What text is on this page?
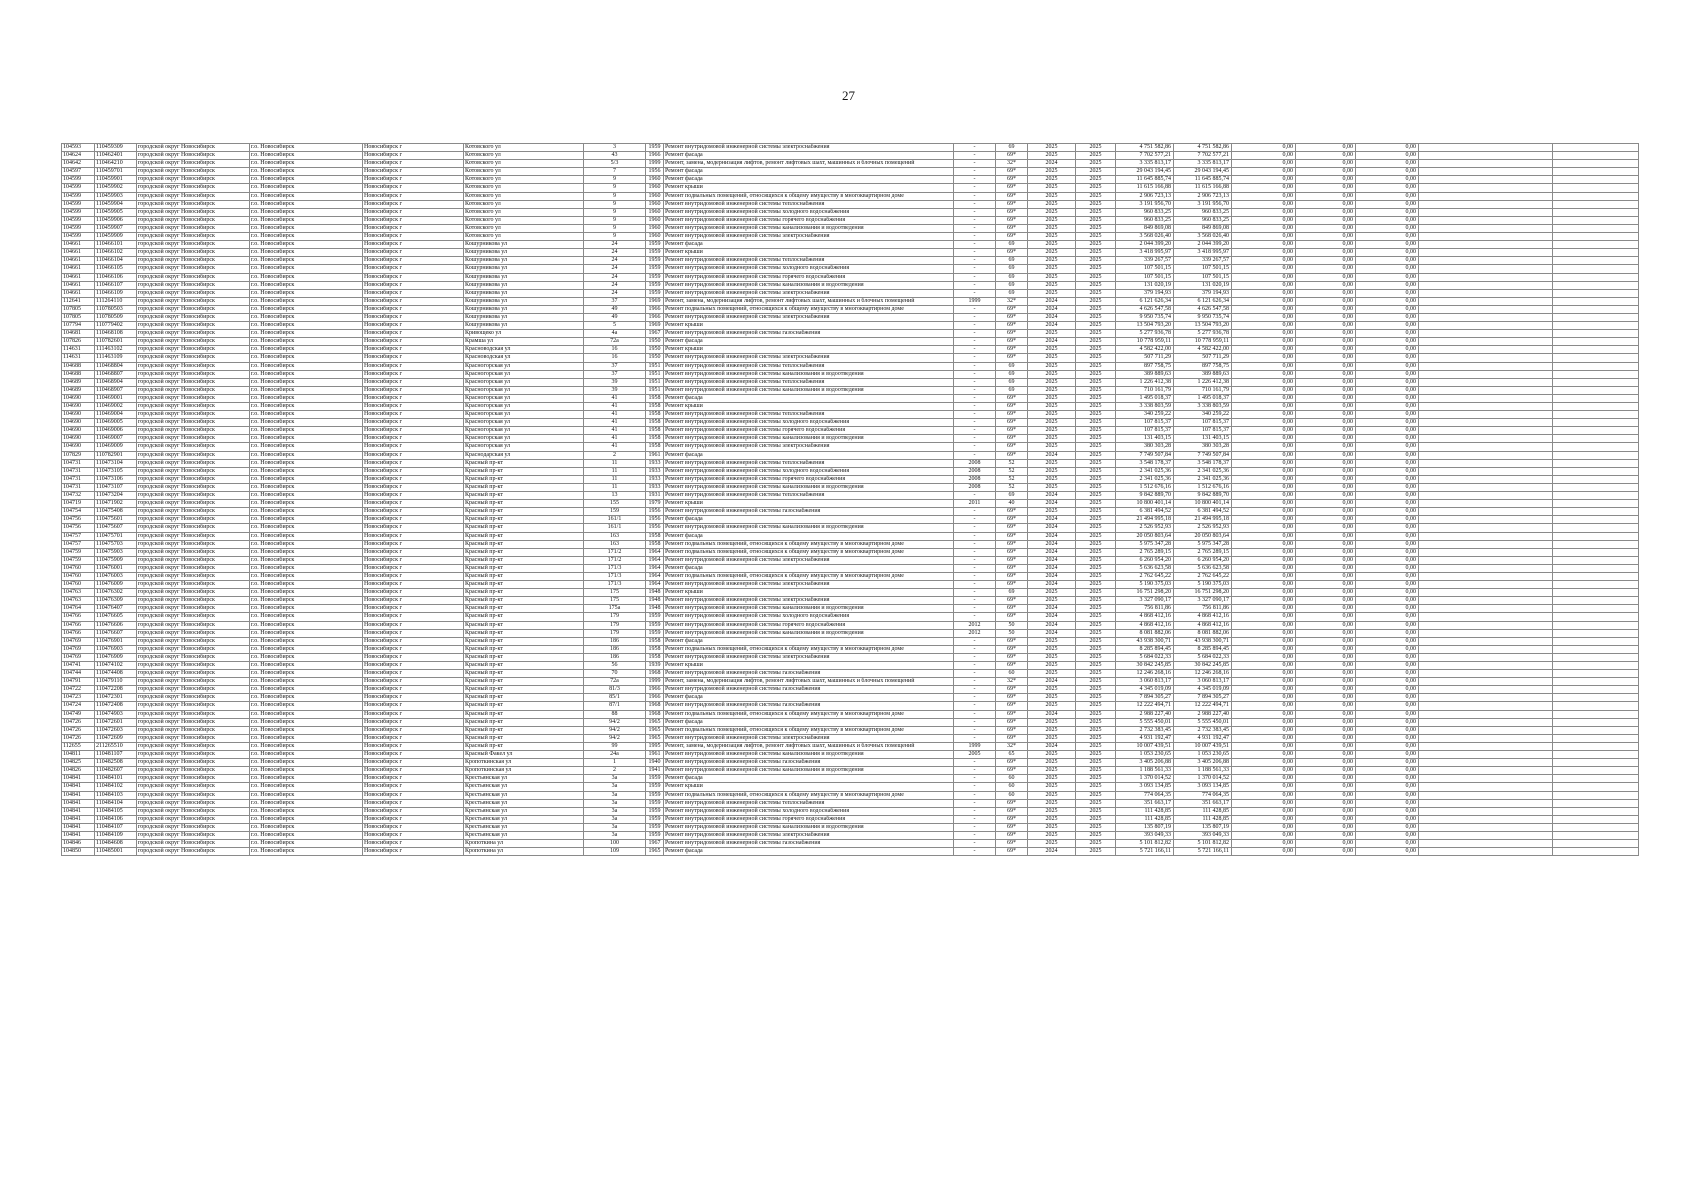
27
104593	110459309	городской округ Новосибирск	г.о. Новосибирск	Новосибирск г	Котовского ул	3	1959	Ремонт внутридомовой инженерной системы электроснабжения	-	69	2025	2025	4 751 582,86	4 751 582,86	0,00	0,00	0,00		
104624	110462401	городской округ Новосибирск	г.о. Новосибирск	Новосибирск г	Котовского ул	43	1966	Ремонт фасада	-	69*	2025	2025	7 702 577,21	7 702 577,21	0,00	0,00	0,00		
104642	110464210	городской округ Новосибирск	г.о. Новосибирск	Новосибирск г	Котовского ул	5/3	1999	Ремонт, замена, модернизация лифтов, ремонт лифтовых шахт, машинных и блочных помещений	-	32*	2024	2025	3 335 813,17	3 335 813,17	0,00	0,00	0,00		
104597	110459701	городской округ Новосибирск	г.о. Новосибирск	Новосибирск г	Котовского ул	7	1956	Ремонт фасада	-	69*	2025	2025	29 043 194,45	29 043 194,45	0,00	0,00	0,00		
104599	110459901	городской округ Новосибирск	г.о. Новосибирск	Новосибирск г	Котовского ул	9	1960	Ремонт фасада	-	69*	2025	2025	11 645 885,74	11 645 885,74	0,00	0,00	0,00		
104599	110459902	городской округ Новосибирск	г.о. Новосибирск	Новосибирск г	Котовского ул	9	1960	Ремонт крыши	-	69*	2025	2025	11 615 166,88	11 615 166,88	0,00	0,00	0,00		
104599	110459903	городской округ Новосибирск	г.о. Новосибирск	Новосибирск г	Котовского ул	9	1960	Ремонт подвальных помещений, относящихся к общему имуществу в многоквартирном доме	-	69*	2025	2025	2 906 723,13	2 906 723,13	0,00	0,00	0,00		
104599	110459904	городской округ Новосибирск	г.о. Новосибирск	Новосибирск г	Котовского ул	9	1960	Ремонт внутридомовой инженерной системы теплоснабжения	-	69*	2025	2025	3 191 956,70	3 191 956,70	0,00	0,00	0,00		
104599	110459905	городской округ Новосибирск	г.о. Новосибирск	Новосибирск г	Котовского ул	9	1960	Ремонт внутридомовой инженерной системы холодного водоснабжения	-	69*	2025	2025	960 833,25	960 833,25	0,00	0,00	0,00		
104599	110459906	городской округ Новосибирск	г.о. Новосибирск	Новосибирск г	Котовского ул	9	1960	Ремонт внутридомовой инженерной системы горячего водоснабжения	-	69*	2025	2025	960 833,25	960 833,25	0,00	0,00	0,00		
104599	110459907	городской округ Новосибирск	г.о. Новосибирск	Новосибирск г	Котовского ул	9	1960	Ремонт внутридомовой инженерной системы канализования и водоотведения	-	69*	2025	2025	849 869,08	849 869,08	0,00	0,00	0,00		
104599	110459909	городской округ Новосибирск	г.о. Новосибирск	Новосибирск г	Котовского ул	9	1960	Ремонт внутридомовой инженерной системы электроснабжения	-	69*	2025	2025	3 568 026,40	3 568 026,40	0,00	0,00	0,00		
104661	110466101	городской округ Новосибирск	г.о. Новосибирск	Новосибирск г	Кошурникова ул	24	1959	Ремонт фасада	-	69	2025	2025	2 044 399,20	2 044 399,20	0,00	0,00	0,00		
104661	110466102	городской округ Новосибирск	г.о. Новосибирск	Новосибирск г	Кошурникова ул	24	1959	Ремонт крыши	-	69*	2025	2025	3 418 995,97	3 418 995,97	0,00	0,00	0,00		
104661	110466104	городской округ Новосибирск	г.о. Новосибирск	Новосибирск г	Кошурникова ул	24	1959	Ремонт внутридомовой инженерной системы теплоснабжения	-	69	2025	2025	339 267,57	339 267,57	0,00	0,00	0,00		
104661	110466105	городской округ Новосибирск	г.о. Новосибирск	Новосибирск г	Кошурникова ул	24	1959	Ремонт внутридомовой инженерной системы холодного водоснабжения	-	69	2025	2025	107 501,15	107 501,15	0,00	0,00	0,00		
104661	110466106	городской округ Новосибирск	г.о. Новосибирск	Новосибирск г	Кошурникова ул	24	1959	Ремонт внутридомовой инженерной системы горячего водоснабжения	-	69	2025	2025	107 501,15	107 501,15	0,00	0,00	0,00		
104661	110466107	городской округ Новосибирск	г.о. Новосибирск	Новосибирск г	Кошурникова ул	24	1959	Ремонт внутридомовой инженерной системы канализования и водоотведения	-	69	2025	2025	131 020,19	131 020,19	0,00	0,00	0,00		
104661	110466109	городской округ Новосибирск	г.о. Новосибирск	Новосибирск г	Кошурникова ул	24	1959	Ремонт внутридомовой инженерной системы электроснабжения	-	69	2025	2025	379 194,93	379 194,93	0,00	0,00	0,00		
112641	111264110	городской округ Новосибирск	г.о. Новосибирск	Новосибирск г	Кошурникова ул	37	1969	Ремонт, замена, модернизация лифтов, ремонт лифтовых шахт, машинных и блочных помещений	1999	32*	2024	2025	6 121 626,34	6 121 626,34	0,00	0,00	0,00		
107805	110780503	городской округ Новосибирск	г.о. Новосибирск	Новосибирск г	Кошурникова ул	49	1966	Ремонт подвальных помещений, относящихся к общему имуществу в многоквартирном доме	-	69*	2024	2025	4 626 547,58	4 626 547,58	0,00	0,00	0,00		
107805	110780509	городской округ Новосибирск	г.о. Новосибирск	Новосибирск г	Кошурникова ул	49	1966	Ремонт внутридомовой инженерной системы электроснабжения	-	69*	2024	2025	9 950 735,74	9 950 735,74	0,00	0,00	0,00		
107794	110779402	городской округ Новосибирск	г.о. Новосибирск	Новосибирск г	Кошурникова ул	5	1969	Ремонт крыши	-	69*	2024	2025	13 504 793,20	13 504 793,20	0,00	0,00	0,00		
104681	110468108	городской округ Новосибирск	г.о. Новосибирск	Новосибирск г	Кривощеко ул	4а	1967	Ремонт внутридомовой инженерной системы газоснабжения	-	69*	2025	2025	5 277 936,78	5 277 936,78	0,00	0,00	0,00		
107826	110782601	городской округ Новосибирск	г.о. Новосибирск	Новосибирск г	Крамша ул	72а	1950	Ремонт фасада	-	69*	2024	2025	10 778 959,11	10 778 959,11	0,00	0,00	0,00		
114631	111463102	городской округ Новосибирск	г.о. Новосибирск	Новосибирск г	Красноводская ул	16	1950	Ремонт крыши	-	69*	2025	2025	4 582 422,00	4 582 422,00	0,00	0,00	0,00		
114631	111463109	городской округ Новосибирск	г.о. Новосибирск	Новосибирск г	Красноводская ул	16	1950	Ремонт внутридомовой инженерной системы электроснабжения	-	69*	2025	2025	507 711,29	507 711,29	0,00	0,00	0,00		
104688	110468804	городской округ Новосибирск	г.о. Новосибирск	Новосибирск г	Красногорская ул	37	1951	Ремонт внутридомовой инженерной системы теплоснабжения	-	69	2025	2025	897 758,75	897 758,75	0,00	0,00	0,00		
104688	110468807	городской округ Новосибирск	г.о. Новосибирск	Новосибирск г	Красногорская ул	37	1951	Ремонт внутридомовой инженерной системы канализования и водоотведения	-	69	2025	2025	389 889,63	389 889,63	0,00	0,00	0,00		
104689	110468904	городской округ Новосибирск	г.о. Новосибирск	Новосибирск г	Красногорская ул	39	1951	Ремонт внутридомовой инженерной системы теплоснабжения	-	69	2025	2025	1 226 412,38	1 226 412,38	0,00	0,00	0,00		
104689	110468907	городской округ Новосибирск	г.о. Новосибирск	Новосибирск г	Красногорская ул	39	1951	Ремонт внутридомовой инженерной системы канализования и водоотведения	-	69	2025	2025	710 161,79	710 161,79	0,00	0,00	0,00		
104690	110469001	городской округ Новосибирск	г.о. Новосибирск	Новосибирск г	Красногорская ул	41	1958	Ремонт фасада	-	69*	2025	2025	1 495 018,37	1 495 018,37	0,00	0,00	0,00		
104690	110469002	городской округ Новосибирск	г.о. Новосибирск	Новосибирск г	Красногорская ул	41	1958	Ремонт крыши	-	69*	2025	2025	3 338 803,59	3 338 803,59	0,00	0,00	0,00		
104690	110469004	городской округ Новосибирск	г.о. Новосибирск	Новосибирск г	Красногорская ул	41	1958	Ремонт внутридомовой инженерной системы теплоснабжения	-	69*	2025	2025	340 259,22	340 259,22	0,00	0,00	0,00		
104690	110469005	городской округ Новосибирск	г.о. Новосибирск	Новосибирск г	Красногорская ул	41	1958	Ремонт внутридомовой инженерной системы холодного водоснабжения	-	69*	2025	2025	107 815,37	107 815,37	0,00	0,00	0,00		
104690	110469006	городской округ Новосибирск	г.о. Новосибирск	Новосибирск г	Красногорская ул	41	1958	Ремонт внутридомовой инженерной системы горячего водоснабжения	-	69*	2025	2025	107 815,37	107 815,37	0,00	0,00	0,00		
104690	110469007	городской округ Новосибирск	г.о. Новосибирск	Новосибирск г	Красногорская ул	41	1958	Ремонт внутридомовой инженерной системы канализования и водоотведения	-	69*	2025	2025	131 403,15	131 403,15	0,00	0,00	0,00		
104690	110469009	городской округ Новосибирск	г.о. Новосибирск	Новосибирск г	Красногорская ул	41	1958	Ремонт внутридомовой инженерной системы электроснабжения	-	69*	2025	2025	380 303,28	380 303,28	0,00	0,00	0,00		
107829	110782901	городской округ Новосибирск	г.о. Новосибирск	Новосибирск г	Краснодарская ул	2	1961	Ремонт фасада	-	69*	2024	2025	7 749 507,84	7 749 507,84	0,00	0,00	0,00		
104731	110473104	городской округ Новосибирск	г.о. Новосибирск	Новосибирск г	Красный пр-кт	11	1933	Ремонт внутридомовой инженерной системы теплоснабжения	2008	52	2025	2025	3 548 178,37	3 548 178,37	0,00	0,00	0,00		
104731	110473105	городской округ Новосибирск	г.о. Новосибирск	Новосибирск г	Красный пр-кт	11	1933	Ремонт внутридомовой инженерной системы холодного водоснабжения	2008	52	2025	2025	2 341 025,36	2 341 025,36	0,00	0,00	0,00		
104731	110473106	городской округ Новосибирск	г.о. Новосибирск	Новосибирск г	Красный пр-кт	11	1933	Ремонт внутридомовой инженерной системы горячего водоснабжения	2008	52	2025	2025	2 341 025,36	2 341 025,36	0,00	0,00	0,00		
104731	110473107	городской округ Новосибирск	г.о. Новосибирск	Новосибирск г	Красный пр-кт	11	1933	Ремонт внутридомовой инженерной системы канализования и водоотведения	2008	52	2025	2025	1 512 676,16	1 512 676,16	0,00	0,00	0,00		
104732	110473204	городской округ Новосибирск	г.о. Новосибирск	Новосибирск г	Красный пр-кт	13	1931	Ремонт внутридомовой инженерной системы теплоснабжения	-	69	2024	2025	9 842 889,70	9 842 889,70	0,00	0,00	0,00		
104719	110471902	городской округ Новосибирск	г.о. Новосибирск	Новосибирск г	Красный пр-кт	155	1979	Ремонт крыши	2011	40	2024	2025	10 800 401,14	10 800 401,14	0,00	0,00	0,00		
104754	110475408	городской округ Новосибирск	г.о. Новосибирск	Новосибирск г	Красный пр-кт	159	1956	Ремонт внутридомовой инженерной системы газоснабжения	-	69*	2025	2025	6 381 494,52	6 381 494,52	0,00	0,00	0,00		
104756	110475601	городской округ Новосибирск	г.о. Новосибирск	Новосибирск г	Красный пр-кт	161/1	1956	Ремонт фасада	-	69*	2024	2025	21 494 995,18	21 494 995,18	0,00	0,00	0,00		
104756	110475607	городской округ Новосибирск	г.о. Новосибирск	Новосибирск г	Красный пр-кт	161/1	1956	Ремонт внутридомовой инженерной системы канализования и водоотведения	-	69*	2024	2025	2 526 952,93	2 526 952,93	0,00	0,00	0,00		
104757	110475701	городской округ Новосибирск	г.о. Новосибирск	Новосибирск г	Красный пр-кт	163	1958	Ремонт фасада	-	69*	2024	2025	20 050 803,64	20 050 803,64	0,00	0,00	0,00		
104757	110475703	городской округ Новосибирск	г.о. Новосибирск	Новосибирск г	Красный пр-кт	163	1958	Ремонт подвальных помещений, относящихся к общему имуществу в многоквартирном доме	-	69*	2024	2025	5 975 347,28	5 975 347,28	0,00	0,00	0,00		
104759	110475903	городской округ Новосибирск	г.о. Новосибирск	Новосибирск г	Красный пр-кт	171/2	1964	Ремонт подвальных помещений, относящихся к общему имуществу в многоквартирном доме	-	69*	2024	2025	2 765 289,15	2 765 289,15	0,00	0,00	0,00		
104759	110475909	городской округ Новосибирск	г.о. Новосибирск	Новосибирск г	Красный пр-кт	171/2	1964	Ремонт внутридомовой инженерной системы электроснабжения	-	69*	2024	2025	6 260 954,20	6 260 954,20	0,00	0,00	0,00		
104760	110476001	городской округ Новосибирск	г.о. Новосибирск	Новосибирск г	Красный пр-кт	171/3	1964	Ремонт фасада	-	69*	2024	2025	5 636 623,58	5 636 623,58	0,00	0,00	0,00		
104760	110476003	городской округ Новосибирск	г.о. Новосибирск	Новосибирск г	Красный пр-кт	171/3	1964	Ремонт подвальных помещений, относящихся к общему имуществу в многоквартирном доме	-	69*	2024	2025	2 762 645,22	2 762 645,22	0,00	0,00	0,00		
104760	110476009	городской округ Новосибирск	г.о. Новосибирск	Новосибирск г	Красный пр-кт	171/3	1964	Ремонт внутридомовой инженерной системы электроснабжения	-	69*	2024	2025	5 190 375,03	5 190 375,03	0,00	0,00	0,00		
104763	110476302	городской округ Новосибирск	г.о. Новосибирск	Новосибирск г	Красный пр-кт	175	1948	Ремонт крыши	-	69	2025	2025	16 751 298,20	16 751 298,20	0,00	0,00	0,00		
104763	110476309	городской округ Новосибирск	г.о. Новосибирск	Новосибирск г	Красный пр-кт	175	1948	Ремонт внутридомовой инженерной системы электроснабжения	-	69*	2025	2025	3 327 090,17	3 327 090,17	0,00	0,00	0,00		
104764	110476407	городской округ Новосибирск	г.о. Новосибирск	Новосибирск г	Красный пр-кт	175а	1948	Ремонт внутридомовой инженерной системы канализования и водоотведения	-	69*	2024	2025	756 811,86	756 811,86	0,00	0,00	0,00		
104766	110476605	городской округ Новосибирск	г.о. Новосибирск	Новосибирск г	Красный пр-кт	179	1959	Ремонт внутридомовой инженерной системы холодного водоснабжения	-	69*	2024	2025	4 868 412,16	4 868 412,16	0,00	0,00	0,00		
104766	110476606	городской округ Новосибирск	г.о. Новосибирск	Новосибирск г	Красный пр-кт	179	1959	Ремонт внутридомовой инженерной системы горячего водоснабжения	2012	50	2024	2025	4 868 412,16	4 868 412,16	0,00	0,00	0,00		
104766	110476607	городской округ Новосибирск	г.о. Новосибирск	Новосибирск г	Красный пр-кт	179	1959	Ремонт внутридомовой инженерной системы канализования и водоотведения	2012	50	2024	2025	8 081 882,06	8 081 882,06	0,00	0,00	0,00		
104769	110476901	городской округ Новосибирск	г.о. Новосибирск	Новосибирск г	Красный пр-кт	186	1958	Ремонт фасада	-	69*	2025	2025	43 938 300,71	43 938 300,71	0,00	0,00	0,00		
104769	110476903	городской округ Новосибирск	г.о. Новосибирск	Новосибирск г	Красный пр-кт	186	1958	Ремонт подвальных помещений, относящихся к общему имуществу в многоквартирном доме	-	69*	2025	2025	8 285 894,45	8 285 894,45	0,00	0,00	0,00		
104769	110476909	городской округ Новосибирск	г.о. Новосибирск	Новосибирск г	Красный пр-кт	186	1958	Ремонт внутридомовой инженерной системы электроснабжения	-	69*	2025	2025	5 684 022,33	5 684 022,33	0,00	0,00	0,00		
104741	110474102	городской округ Новосибирск	г.о. Новосибирск	Новосибирск г	Красный пр-кт	56	1939	Ремонт крыши	-	69*	2025	2025	30 842 245,85	30 842 245,85	0,00	0,00	0,00		
104744	110474408	городской округ Новосибирск	г.о. Новосибирск	Новосибирск г	Красный пр-кт	70	1968	Ремонт внутридомовой инженерной системы газоснабжения	-	60	2025	2025	12 246 268,16	12 246 268,16	0,00	0,00	0,00		
104791	110479110	городской округ Новосибирск	г.о. Новосибирск	Новосибирск г	Красный пр-кт	72а	1999	Ремонт, замена, модернизация лифтов, ремонт лифтовых шахт, машинных и блочных помещений	-	32*	2024	2025	3 060 813,17	3 060 813,17	0,00	0,00	0,00		
104722	110472208	городской округ Новосибирск	г.о. Новосибирск	Новосибирск г	Красный пр-кт	81/3	1966	Ремонт внутридомовой инженерной системы газоснабжения	-	69*	2025	2025	4 345 019,09	4 345 019,09	0,00	0,00	0,00		
104723	110472301	городской округ Новосибирск	г.о. Новосибирск	Новосибирск г	Красный пр-кт	85/1	1966	Ремонт фасада	-	69*	2025	2025	7 894 305,27	7 894 305,27	0,00	0,00	0,00		
104724	110472408	городской округ Новосибирск	г.о. Новосибирск	Новосибирск г	Красный пр-кт	87/1	1968	Ремонт внутридомовой инженерной системы газоснабжения	-	69*	2025	2025	12 222 494,71	12 222 494,71	0,00	0,00	0,00		
104749	110474903	городской округ Новосибирск	г.о. Новосибирск	Новосибирск г	Красный пр-кт	88	1968	Ремонт подвальных помещений, относящихся к общему имуществу в многоквартирном доме	-	69*	2024	2025	2 988 227,40	2 988 227,40	0,00	0,00	0,00		
104726	110472601	городской округ Новосибирск	г.о. Новосибирск	Новосибирск г	Красный пр-кт	94/2	1965	Ремонт фасада	-	69*	2025	2025	5 555 450,01	5 555 450,01	0,00	0,00	0,00		
104726	110472603	городской округ Новосибирск	г.о. Новосибирск	Новосибирск г	Красный пр-кт	94/2	1965	Ремонт подвальных помещений, относящихся к общему имуществу в многоквартирном доме	-	69*	2025	2025	2 732 383,45	2 732 383,45	0,00	0,00	0,00		
104726	110472609	городской округ Новосибирск	г.о. Новосибирск	Новосибирск г	Красный пр-кт	94/2	1965	Ремонт внутридомовой инженерной системы электроснабжения	-	69*	2025	2025	4 931 192,47	4 931 192,47	0,00	0,00	0,00		
112655	211265510	городской округ Новосибирск	г.о. Новосибирск	Новосибирск г	Красный пр-кт	99	1995	Ремонт, замена, модернизация лифтов, ремонт лифтовых шахт, машинных и блочных помещений	1999	32*	2024	2025	10 007 439,51	10 007 439,51	0,00	0,00	0,00		
104811	110481107	городской округ Новосибирск	г.о. Новосибирск	Новосибирск г	Красный Факел ул	24а	1961	Ремонт внутридомовой инженерной системы канализования и водоотведения	2005	65	2025	2025	1 053 230,65	1 053 230,65	0,00	0,00	0,00		
104825	110482508	городской округ Новосибирск	г.о. Новосибирск	Новосибирск г	Кропоткинская ул	1	1940	Ремонт внутридомовой инженерной системы газоснабжения	-	69*	2025	2025	3 405 206,88	3 405 206,88	0,00	0,00	0,00		
104826	110482607	городской округ Новосибирск	г.о. Новосибирск	Новосибирск г	Кропоткинская ул	2	1941	Ремонт внутридомовой инженерной системы канализования и водоотведения	-	69*	2025	2025	1 188 561,33	1 188 561,33	0,00	0,00	0,00		
104841	110484101	городской округ Новосибирск	г.о. Новосибирск	Новосибирск г	Крестьянская ул	3а	1959	Ремонт фасада	-	60	2025	2025	1 370 014,52	1 370 014,52	0,00	0,00	0,00		
104841	110484102	городской округ Новосибирск	г.о. Новосибирск	Новосибирск г	Крестьянская ул	3а	1959	Ремонт крыши	-	60	2025	2025	3 093 134,85	3 093 134,85	0,00	0,00	0,00		
104841	110484103	городской округ Новосибирск	г.о. Новосибирск	Новосибирск г	Крестьянская ул	3а	1959	Ремонт подвальных помещений, относящихся к общему имуществу в многоквартирном доме	-	60	2025	2025	774 064,35	774 064,35	0,00	0,00	0,00		
104841	110484104	городской округ Новосибирск	г.о. Новосибирск	Новосибирск г	Крестьянская ул	3а	1959	Ремонт внутридомовой инженерной системы теплоснабжения	-	69*	2025	2025	351 663,17	351 663,17	0,00	0,00	0,00		
104841	110484105	городской округ Новосибирск	г.о. Новосибирск	Новосибирск г	Крестьянская ул	3а	1959	Ремонт внутридомовой инженерной системы холодного водоснабжения	-	69*	2025	2025	111 428,85	111 428,85	0,00	0,00	0,00		
104841	110484106	городской округ Новосибирск	г.о. Новосибирск	Новосибирск г	Крестьянская ул	3а	1959	Ремонт внутридомовой инженерной системы горячего водоснабжения	-	69*	2025	2025	111 428,85	111 428,85	0,00	0,00	0,00		
104841	110484107	городской округ Новосибирск	г.о. Новосибирск	Новосибирск г	Крестьянская ул	3а	1959	Ремонт внутридомовой инженерной системы канализования и водоотведения	-	69*	2025	2025	135 807,19	135 807,19	0,00	0,00	0,00		
104841	110484109	городской округ Новосибирск	г.о. Новосибирск	Новосибирск г	Крестьянская ул	3а	1959	Ремонт внутридомовой инженерной системы электроснабжения	-	69*	2025	2025	393 049,33	393 049,33	0,00	0,00	0,00		
104846	110484608	городской округ Новосибирск	г.о. Новосибирск	Новосибирск г	Кропоткина ул	100	1967	Ремонт внутридомовой инженерной системы газоснабжения	-	69*	2025	2025	5 101 812,82	5 101 812,82	0,00	0,00	0,00		
104850	110485001	городской округ Новосибирск	г.о. Новосибирск	Новосибирск г	Кропоткина ул	109	1965	Ремонт фасада	-	69*	2024	2025	5 721 166,11	5 721 166,11	0,00	0,00	0,00		
